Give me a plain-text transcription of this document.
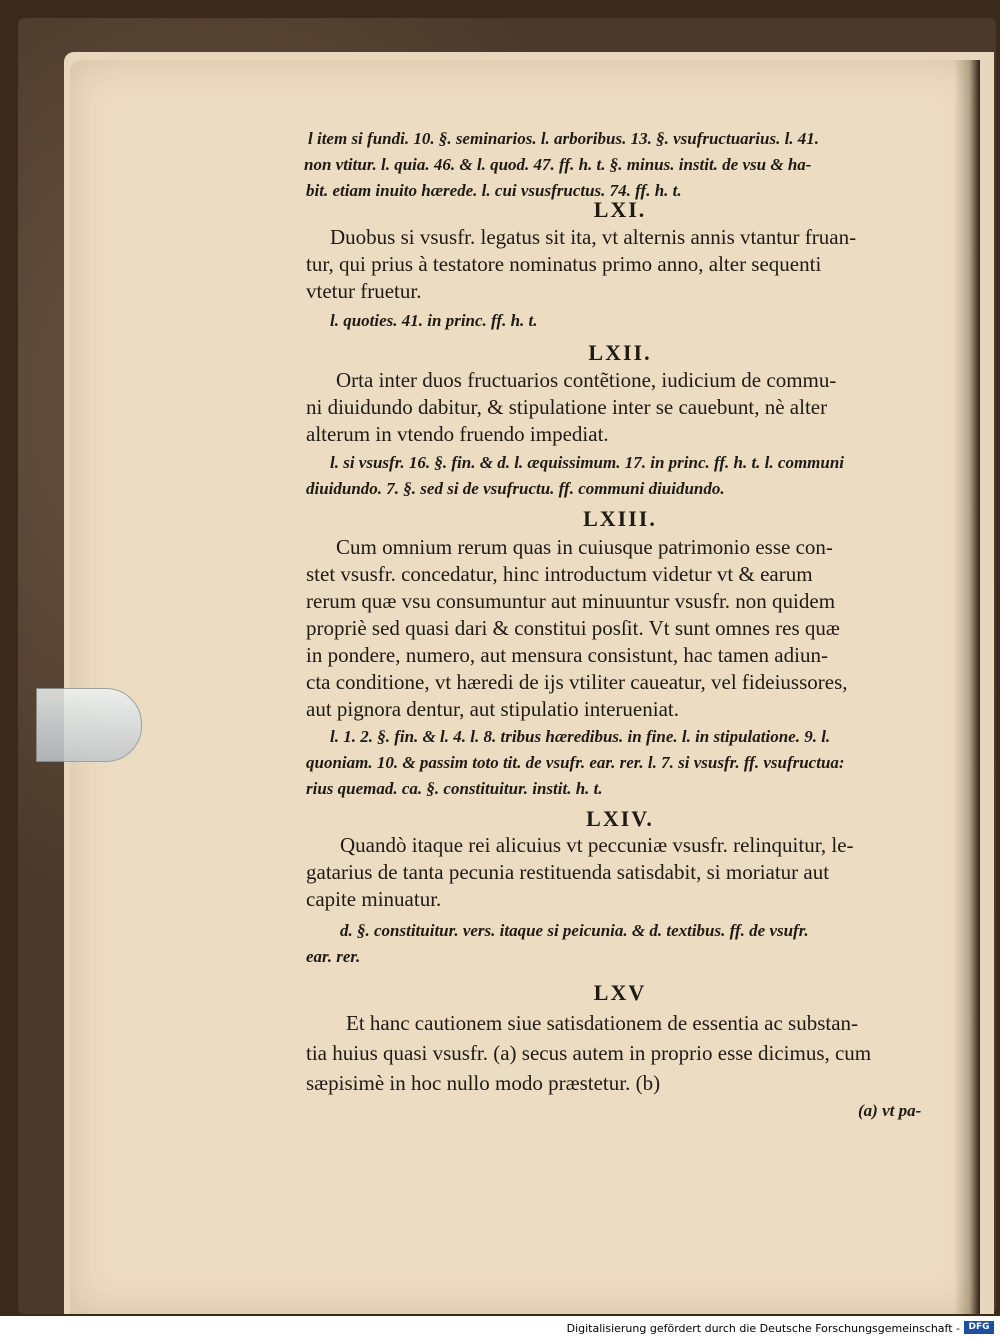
l item si fundi. 10. §. seminarios. l. arboribus. 13. §. vsufructuarius. l. 41.
non vtitur. l. quia. 46. & l. quod. 47. ff. h. t. §. minus. instit. de vsu & ha-
bit. etiam inuito hærede. l. cui vsusfructus. 74. ff. h. t.
LXI.
Duobus si vsusfr. legatus sit ita, vt alternis annis vtantur fruan-
tur, qui prius à testatore nominatus primo anno, alter sequenti
vtetur fruetur.
l. quoties. 41. in princ. ff. h. t.
LXII.
Orta inter duos fructuarios contẽtione, iudicium de commu-
ni diuidundo dabitur, & stipulatione inter se cauebunt, nè alter
alterum in vtendo fruendo impediat.
l. si vsusfr. 16. §. fin. & d. l. æquissimum. 17. in princ. ff. h. t. l. communi
diuidundo. 7. §. sed si de vsufructu. ff. communi diuidundo.
LXIII.
Cum omnium rerum quas in cuiusque patrimonio esse con-
stet vsusfr. concedatur, hinc introductum videtur vt & earum
rerum quæ vsu consumuntur aut minuuntur vsusfr. non quidem
propriè sed quasi dari & constitui posſit. Vt sunt omnes res quæ
in pondere, numero, aut mensura consistunt, hac tamen adiun-
cta conditione, vt hæredi de ijs vtiliter caueatur, vel fideiussores,
aut pignora dentur, aut stipulatio interueniat.
l. 1. 2. §. fin. & l. 4. l. 8. tribus hæredibus. in fine. l. in stipulatione. 9. l.
quoniam. 10. & passim toto tit. de vsufr. ear. rer. l. 7. si vsusfr. ff. vsufructua:
rius quemad. ca. §. constituitur. instit. h. t.
LXIV.
Quandò itaque rei alicuius vt peccuniæ vsusfr. relinquitur, le-
gatarius de tanta pecunia restituenda satisdabit, si moriatur aut
capite minuatur.
d. §. constituitur. vers. itaque si peicunia. & d. textibus. ff. de vsufr.
ear. rer.
LXV
Et hanc cautionem siue satisdationem de essentia ac substan-
tia huius quasi vsusfr. (a) secus autem in proprio esse dicimus, cum
sæpisimè in hoc nullo modo præstetur. (b)
(a) vt pa-
Digitalisierung gefördert durch die Deutsche Forschungsgemeinschaft - DFG
